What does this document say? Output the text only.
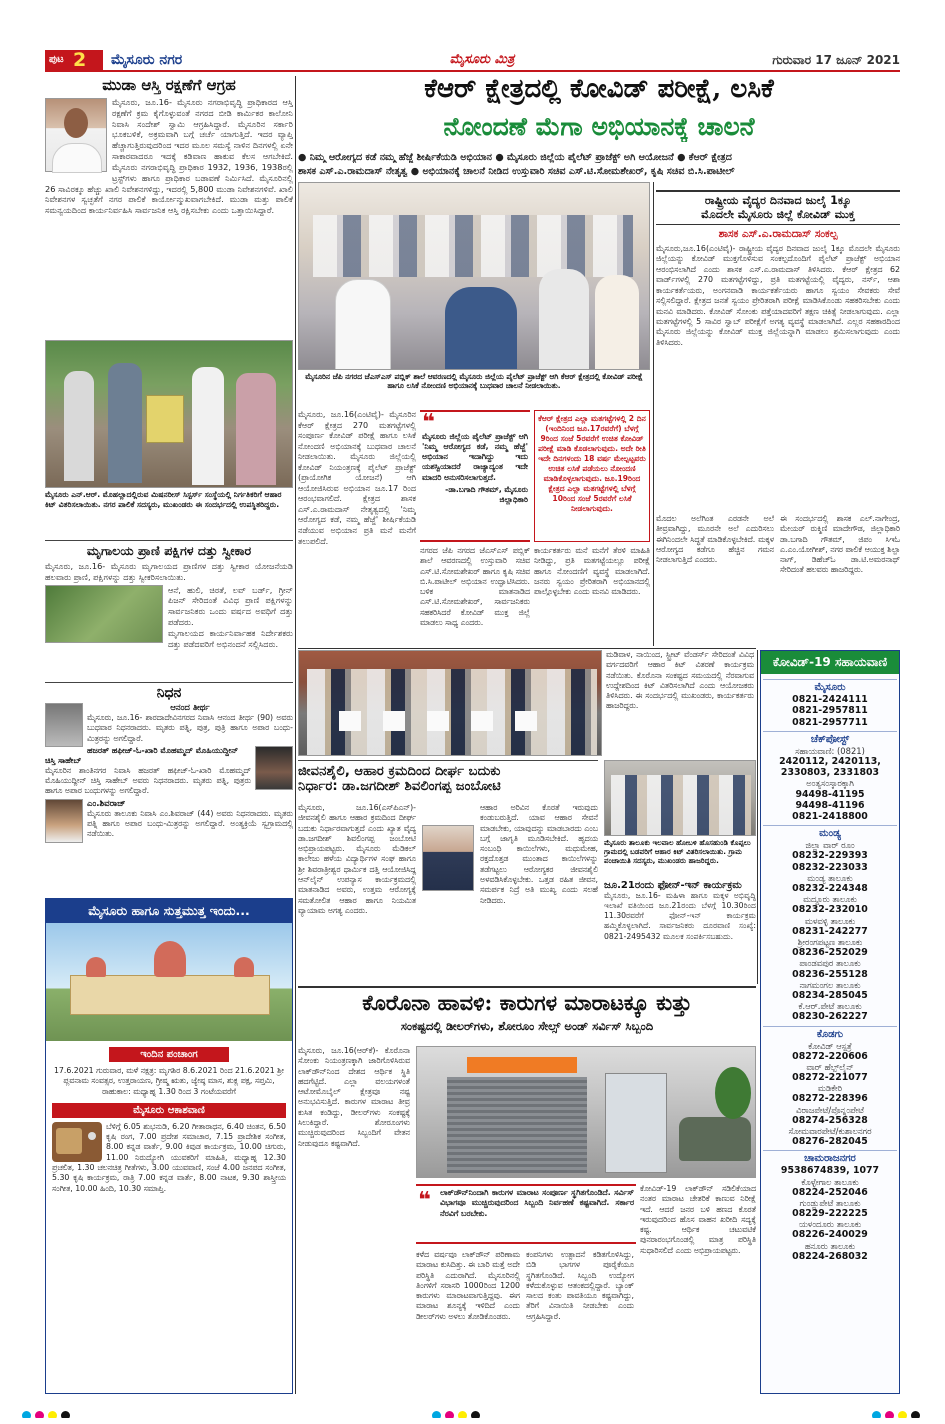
ಪುಟ 2 ಮೈಸೂರು ನಗರ	ಮೈಸೂರು ಮಿತ್ರ	ಗುರುವಾರ 17 ಜೂನ್ 2021
ಮುಡಾ ಆಸ್ತಿ ರಕ್ಷಣೆಗೆ ಆಗ್ರಹ
ಮೈಸೂರು, ಜೂ.16- ಮೈಸೂರು ನಗರಾಭಿವೃದ್ಧಿ ಪ್ರಾಧಿಕಾರದ ಆಸ್ತಿ ರಕ್ಷಣೆಗೆ ಕ್ರಮ ಕೈಗೊಳ್ಳುವಂತೆ ನಗರದ ಬೀಡಿ ಕಾರ್ಮಿಕರ ಕಾಲೋನಿ ನಿವಾಸಿ ಸಂದೇಶ್ ಸ್ವಾಮಿ ಆಗ್ರಹಿಸಿದ್ದಾರೆ. ಮೈಸೂರಿನ ಸರ್ಕಾರಿ ಭೂಕಬಳಿಕೆ, ಅಕ್ರಮವಾಗಿ ಬಗ್ಗೆ ಚರ್ಚೆ ಯಾಗುತ್ತಿದೆ. ಇದರ ವ್ಯಾಪ್ತಿ ಹೆಚ್ಚಾಗುತ್ತಿರುವುದರಿಂದ ಇದರ ಮೂಲ ಸಮಸ್ಯೆ ನಾಳಿನ ದಿನಗಳಲ್ಲಿ ಏನೇ ಸಾಕಾರವಾದರೂ ಇದಕ್ಕೆ ಕಡಿವಾಣ ಹಾಕುವ ಕೆಲಸ ಆಗಬೇಕಿದೆ. ಮೈಸೂರು ನಗರಾಭಿವೃದ್ಧಿ ಪ್ರಾಧಿಕಾರ 1932, 1936, 1938ರಲ್ಲಿ ಟ್ರಸ್ಟ್‌ಗಳು ಹಾಗೂ ಪ್ರಾಧಿಕಾರ ಬಡಾವಣೆ ನಿರ್ಮಿಸಿದೆ. ಮೈಸೂರಿನಲ್ಲಿ 26 ಸಾವಿರಕ್ಕೂ ಹೆಚ್ಚು ಖಾಲಿ ನಿವೇಶನಗಳಿದ್ದು, ಇದರಲ್ಲಿ 5,800 ಮುಡಾ ನಿವೇಶನಗಳಿವೆ. ಖಾಲಿ ನಿವೇಶನಗಳ ಸ್ವಚ್ಛತೆಗೆ ನಗರ ಪಾಲಿಕೆ ಕಾರ್ಯೋನ್ಮುಖವಾಗಬೇಕಿದೆ. ಮುಡಾ ಮತ್ತು ಪಾಲಿಕೆ ಸಮನ್ವಯದಿಂದ ಕಾರ್ಯನಿರ್ವಹಿಸಿ ಸಾರ್ವಜನಿಕ ಆಸ್ತಿ ರಕ್ಷಿಸಬೇಕು ಎಂದು ಒತ್ತಾಯಿಸಿದ್ದಾರೆ.
ಮೈಸೂರು ಎನ್.ಆರ್. ಮೊಹಲ್ಲಾದಲ್ಲಿರುವ ಮಿಷನರೀಸ್ ಸಿಸ್ಟರ್ಸ್ ಸಂಸ್ಥೆಯಲ್ಲಿ ನಿರ್ಗತಿಕರಿಗೆ ಆಹಾರ ಕಿಟ್ ವಿತರಿಸಲಾಯಿತು. ನಗರ ಪಾಲಿಕೆ ಸದಸ್ಯರು, ಮುಖಂಡರು ಈ ಸಂದರ್ಭದಲ್ಲಿ ಉಪಸ್ಥಿತರಿದ್ದರು.
ಮೃಗಾಲಯ ಪ್ರಾಣಿ ಪಕ್ಷಿಗಳ ದತ್ತು ಸ್ವೀಕಾರ
ಮೈಸೂರು, ಜೂ.16- ಮೈಸೂರು ಮೃಗಾಲಯದ ಪ್ರಾಣಿಗಳ ದತ್ತು ಸ್ವೀಕಾರ ಯೋಜನೆಯಡಿ ಹಲವಾರು ಪ್ರಾಣಿ, ಪಕ್ಷಿಗಳನ್ನು ದತ್ತು ಸ್ವೀಕರಿಸಲಾಯಿತು.
ಆನೆ, ಹುಲಿ, ಚಿರತೆ, ಲವ್ ಬರ್ಡ್, ಗ್ರೀನ್ ಪಿಜನ್ ಸೇರಿದಂತೆ ವಿವಿಧ ಪ್ರಾಣಿ ಪಕ್ಷಿಗಳನ್ನು ಸಾರ್ವಜನಿಕರು ಒಂದು ವರ್ಷದ ಅವಧಿಗೆ ದತ್ತು ಪಡೆದರು.
ಮೃಗಾಲಯದ ಕಾರ್ಯನಿರ್ವಾಹಕ ನಿರ್ದೇಶಕರು ದತ್ತು ಪಡೆದವರಿಗೆ ಅಭಿನಂದನೆ ಸಲ್ಲಿಸಿದರು.
ನಿಧನ
ಆನಂದ ತೀರ್ಥ
ಮೈಸೂರು, ಜೂ.16- ಶಾರದಾದೇವಿನಗರದ ನಿವಾಸಿ ಆನಂದ ತೀರ್ಥ (90) ಅವರು ಬುಧವಾರ ನಿಧನರಾದರು. ಮೃತರು ಪತ್ನಿ, ಪುತ್ರ, ಪುತ್ರಿ ಹಾಗೂ ಅಪಾರ ಬಂಧು-ಮಿತ್ರರನ್ನು ಅಗಲಿದ್ದಾರೆ.
ಹಜರತ್ ಹಫೀಜ್-ಓ-ಖಾರಿ ಮೊಹಮ್ಮದ್ ಮೊಹಿಯುದ್ದೀನ್ ಚಿಸ್ತಿ ಸಾಹೇಬ್
ಮೈಸೂರಿನ ಶಾಂತಿನಗರ ನಿವಾಸಿ ಹಜರತ್ ಹಫೀಜ್-ಓ-ಖಾರಿ ಮೊಹಮ್ಮದ್ ಮೊಹಿಯುದ್ದೀನ್ ಚಿಸ್ತಿ ಸಾಹೇಬ್ ಅವರು ನಿಧನರಾದರು. ಮೃತರು ಪತ್ನಿ, ಪುತ್ರರು ಹಾಗೂ ಅಪಾರ ಬಂಧುಗಳನ್ನು ಅಗಲಿದ್ದಾರೆ.
ಎಂ.ಶಿವರಾಜ್
ಮೈಸೂರು ತಾಲೂಕು ನಿವಾಸಿ ಎಂ.ಶಿವರಾಜ್ (44) ಅವರು ನಿಧನರಾದರು. ಮೃತರು ಪತ್ನಿ ಹಾಗೂ ಅಪಾರ ಬಂಧು-ಮಿತ್ರರನ್ನು ಅಗಲಿದ್ದಾರೆ. ಅಂತ್ಯಕ್ರಿಯೆ ಸ್ವಗ್ರಾಮದಲ್ಲಿ ನಡೆಯಿತು.
ಮೈಸೂರು ಹಾಗೂ ಸುತ್ತಮುತ್ತ ಇಂದು...
ಇಂದಿನ ಪಂಚಾಂಗ
17.6.2021 ಗುರುವಾರ, ಮಳೆ ನಕ್ಷತ್ರ: ಮೃಗಶಿರ 8.6.2021 ರಿಂದ 21.6.2021 ಶ್ರೀ ಪ್ಲವನಾಮ ಸಂವತ್ಸರ, ಉತ್ತರಾಯಣ, ಗ್ರೀಷ್ಮ ಋತು, ಜ್ಯೇಷ್ಠ ಮಾಸ, ಶುಕ್ಲ ಪಕ್ಷ, ಸಪ್ತಮಿ, ರಾಹುಕಾಲ: ಮಧ್ಯಾಹ್ನ 1.30 ರಿಂದ 3 ಗಂಟೆಯವರೆಗೆ
ಮೈಸೂರು ಆಕಾಶವಾಣಿ
ಬೆಳಿಗ್ಗೆ 6.05 ಶುಭನುಡಿ, 6.20 ಗೀತಾರಾಧನ, 6.40 ಚಿಂತನ, 6.50 ಕೃಷಿ ರಂಗ, 7.00 ಪ್ರದೇಶ ಸಮಾಚಾರ, 7.15 ಪ್ರಾದೇಶಿಕ ಸಂಗೀತ, 8.00 ಕನ್ನಡ ವಾರ್ತೆ, 9.00 ಕಿವುಡ ಕಾರ್ಯಕ್ರಮ, 10.00 ಚಿಗುರು, 11.00 ನಿರುದ್ಯೋಗಿ ಯುವಕರಿಗೆ ಮಾಹಿತಿ, ಮಧ್ಯಾಹ್ನ 12.30 ಪ್ರಚಲಿತ, 1.30 ಚಲನಚಿತ್ರ ಗೀತೆಗಳು, 3.00 ಯುವವಾಣಿ, ಸಂಜೆ 4.00 ಜನಪದ ಸಂಗೀತ, 5.30 ಕೃಷಿ ಕಾರ್ಯಕ್ರಮ, ರಾತ್ರಿ 7.00 ಕನ್ನಡ ವಾರ್ತೆ, 8.00 ನಾಟಕ, 9.30 ಶಾಸ್ತ್ರೀಯ ಸಂಗೀತ, 10.00 ಹಿಂದಿ, 10.30 ಸಮಾಪ್ತಿ.
ಕೆಆರ್ ಕ್ಷೇತ್ರದಲ್ಲಿ ಕೋವಿಡ್ ಪರೀಕ್ಷೆ, ಲಸಿಕೆ
ನೋಂದಣೆ ಮೆಗಾ ಅಭಿಯಾನಕ್ಕೆ ಚಾಲನೆ
● ನಿಮ್ಮ ಆರೋಗ್ಯದ ಕಡೆ ನಮ್ಮ ಹೆಜ್ಜೆ ಶೀರ್ಷಿಕೆಯಡಿ ಅಭಿಯಾನ ● ಮೈಸೂರು ಜಿಲ್ಲೆಯ ಪೈಲೆಟ್ ಪ್ರಾಜೆಕ್ಟ್ ಅಗಿ ಆಯೋಜನೆ ● ಕೆಆರ್ ಕ್ಷೇತ್ರದ
ಶಾಸಕ ಎಸ್.ಎ.ರಾಮದಾಸ್ ನೇತೃತ್ವ ● ಅಭಿಯಾನಕ್ಕೆ ಚಾಲನೆ ನೀಡಿದ ಉಸ್ತುವಾರಿ ಸಚಿವ ಎಸ್.ಟಿ.ಸೋಮಶೇಖರ್, ಕೃಷಿ ಸಚಿವ ಬಿ.ಸಿ.ಪಾಟೀಲ್
ಮೈಸೂರಿನ ಜೆಪಿ ನಗರದ ಜೆಎಸ್‌ಎಸ್ ಪಬ್ಲಿಕ್ ಶಾಲೆ ಆವರಣದಲ್ಲಿ ಮೈಸೂರು ಜಿಲ್ಲೆಯ ಪೈಲೆಟ್ ಪ್ರಾಜೆಕ್ಟ್ ಆಗಿ ಕೆಆರ್ ಕ್ಷೇತ್ರದಲ್ಲಿ ಕೋವಿಡ್ ಪರೀಕ್ಷೆ ಹಾಗೂ ಲಸಿಕೆ ನೋಂದಣಿ ಅಭಿಯಾನಕ್ಕೆ ಬುಧವಾರ ಚಾಲನೆ ನೀಡಲಾಯಿತು.
ಮೈಸೂರು, ಜೂ.16(ಎಂಟಿವೈ)- ಮೈಸೂರಿನ ಕೆಆರ್ ಕ್ಷೇತ್ರದ 270 ಮತಗಟ್ಟೆಗಳಲ್ಲಿ ಸಂಪೂರ್ಣ ಕೋವಿಡ್ ಪರೀಕ್ಷೆ ಹಾಗೂ ಲಸಿಕೆ ನೋಂದಣಿ ಅಭಿಯಾನಕ್ಕೆ ಬುಧವಾರ ಚಾಲನೆ ನೀಡಲಾಯಿತು. ಮೈಸೂರು ಜಿಲ್ಲೆಯಲ್ಲಿ ಕೋವಿಡ್ ನಿಯಂತ್ರಣಕ್ಕೆ ಪೈಲೆಟ್ ಪ್ರಾಜೆಕ್ಟ್ (ಪ್ರಾಯೋಗಿಕ ಯೋಜನೆ) ಆಗಿ ಆಯೋಜಿಸಿರುವ ಅಭಿಯಾನ ಜೂ.17 ರಿಂದ ಆರಂಭವಾಗಲಿದೆ. ಕ್ಷೇತ್ರದ ಶಾಸಕ ಎಸ್.ಎ.ರಾಮದಾಸ್ ನೇತೃತ್ವದಲ್ಲಿ 'ನಿಮ್ಮ ಆರೋಗ್ಯದ ಕಡೆ, ನಮ್ಮ ಹೆಜ್ಜೆ' ಶೀರ್ಷಿಕೆಯಡಿ ನಡೆಯುವ ಅಭಿಯಾನ ಪ್ರತಿ ಮನೆ ಮನೆಗೆ ತಲುಪಲಿದೆ.
❝
ಮೈಸೂರು ಜಿಲ್ಲೆಯ ಪೈಲೆಟ್ ಪ್ರಾಜೆಕ್ಟ್ ಆಗಿ 'ನಿಮ್ಮ ಆರೋಗ್ಯದ ಕಡೆ, ನಮ್ಮ ಹೆಜ್ಜೆ' ಅಭಿಯಾನ ಇದಾಗಿದ್ದು ಇದು ಯಶಸ್ವಿಯಾದರೆ ರಾಜ್ಯಾದ್ಯಂತ ಇದೇ ಮಾದರಿ ಅನುಸರಿಸಲಾಗುತ್ತದೆ.
-ಡಾ.ಬಗಾದಿ ಗೌತಮ್, ಮೈಸೂರು ಜಿಲ್ಲಾಧಿಕಾರಿ
ಕೆಆರ್ ಕ್ಷೇತ್ರದ ಎಲ್ಲಾ ಮತಗಟ್ಟೆಗಳಲ್ಲಿ 2 ದಿನ (ಇಂದಿನಿಂದ ಜೂ.17ರವರೆಗೆ) ಬೆಳಗ್ಗೆ 9ರಿಂದ ಸಂಜೆ 5ರವರೆಗೆ ಉಚಿತ ಕೋವಿಡ್ ಪರೀಕ್ಷೆ ಮಾಡಿ ಕೊಡಲಾಗುವುದು. ಅದೇ ರೀತಿ ಇದೇ ದಿನಗಳಂದು 18 ವರ್ಷ ಮೇಲ್ಪಟ್ಟವರು ಉಚಿತ ಲಸಿಕೆ ಪಡೆಯಲು ನೋಂದಣಿ ಮಾಡಿಕೊಳ್ಳಲಾಗುವುದು. ಜೂ.19ರಿಂದ ಕ್ಷೇತ್ರದ ಎಲ್ಲಾ ಮತಗಟ್ಟೆಗಳಲ್ಲಿ ಬೆಳಗ್ಗೆ 10ರಿಂದ ಸಂಜೆ 5ರವರೆಗೆ ಲಸಿಕೆ ನೀಡಲಾಗುವುದು.
ನಗರದ ಜೆಪಿ ನಗರದ ಜೆಎಸ್‌ಎಸ್ ಪಬ್ಲಿಕ್ ಶಾಲೆ ಆವರಣದಲ್ಲಿ ಉಸ್ತುವಾರಿ ಸಚಿವ ಎಸ್.ಟಿ.ಸೋಮಶೇಖರ್ ಹಾಗೂ ಕೃಷಿ ಸಚಿವ ಬಿ.ಸಿ.ಪಾಟೀಲ್ ಅಭಿಯಾನ ಉದ್ಘಾಟಿಸಿದರು. ಬಳಿಕ ಮಾತನಾಡಿದ ಎಸ್.ಟಿ.ಸೋಮಶೇಖರ್, ಸಾರ್ವಜನಿಕರು ಸಹಕರಿಸಿದರೆ ಕೋವಿಡ್ ಮುಕ್ತ ಜಿಲ್ಲೆ ಮಾಡಲು ಸಾಧ್ಯ ಎಂದರು.
ಕಾರ್ಯಕರ್ತರು ಮನೆ ಮನೆಗೆ ತೆರಳಿ ಮಾಹಿತಿ ನೀಡಿದ್ದು, ಪ್ರತಿ ಮತಗಟ್ಟೆಯಲ್ಲೂ ಪರೀಕ್ಷೆ ಹಾಗೂ ನೋಂದಣಿಗೆ ವ್ಯವಸ್ಥೆ ಮಾಡಲಾಗಿದೆ. ಜನರು ಸ್ವಯಂ ಪ್ರೇರಿತರಾಗಿ ಅಭಿಯಾನದಲ್ಲಿ ಪಾಲ್ಗೊಳ್ಳಬೇಕು ಎಂದು ಮನವಿ ಮಾಡಿದರು.
ರಾಷ್ಟ್ರೀಯ ವೈದ್ಯರ ದಿನವಾದ ಜುಲೈ 1ಕ್ಕೂ
ಮೊದಲೇ ಮೈಸೂರು ಜಿಲ್ಲೆ ಕೋವಿಡ್ ಮುಕ್ತ
ಶಾಸಕ ಎಸ್.ಎ.ರಾಮದಾಸ್ ಸಂಕಲ್ಪ
ಮೈಸೂರು,ಜೂ.16(ಎಂಟಿವೈ)- ರಾಷ್ಟ್ರೀಯ ವೈದ್ಯರ ದಿನವಾದ ಜುಲೈ 1ಕ್ಕೂ ಮೊದಲೇ ಮೈಸೂರು ಜಿಲ್ಲೆಯನ್ನು ಕೋವಿಡ್ ಮುಕ್ತಗೊಳಿಸುವ ಸಂಕಲ್ಪದೊಂದಿಗೆ ಪೈಲೆಟ್ ಪ್ರಾಜೆಕ್ಟ್ ಅಭಿಯಾನ ಆರಂಭಿಸಲಾಗಿದೆ ಎಂದು ಶಾಸಕ ಎಸ್.ಎ.ರಾಮದಾಸ್ ತಿಳಿಸಿದರು. ಕೆಆರ್ ಕ್ಷೇತ್ರದ 62 ವಾರ್ಡ್‌ಗಳಲ್ಲಿ 270 ಮತಗಟ್ಟೆಗಳಿದ್ದು, ಪ್ರತಿ ಮತಗಟ್ಟೆಯಲ್ಲಿ ವೈದ್ಯರು, ನರ್ಸ್, ಆಶಾ ಕಾರ್ಯಕರ್ತೆಯರು, ಅಂಗನವಾಡಿ ಕಾರ್ಯಕರ್ತೆಯರು ಹಾಗೂ ಸ್ವಯಂ ಸೇವಕರು ಸೇವೆ ಸಲ್ಲಿಸಲಿದ್ದಾರೆ. ಕ್ಷೇತ್ರದ ಜನತೆ ಸ್ವಯಂ ಪ್ರೇರಿತರಾಗಿ ಪರೀಕ್ಷೆ ಮಾಡಿಸಿಕೊಂಡು ಸಹಕರಿಸಬೇಕು ಎಂದು ಮನವಿ ಮಾಡಿದರು. ಕೋವಿಡ್ ಸೋಂಕು ಪತ್ತೆಯಾದವರಿಗೆ ತಕ್ಷಣ ಚಿಕಿತ್ಸೆ ನೀಡಲಾಗುವುದು. ಎಲ್ಲಾ ಮತಗಟ್ಟೆಗಳಲ್ಲಿ 5 ಸಾವಿರ ಸ್ವಾಬ್ ಪರೀಕ್ಷೆಗೆ ಅಗತ್ಯ ವ್ಯವಸ್ಥೆ ಮಾಡಲಾಗಿದೆ. ಎಲ್ಲರ ಸಹಕಾರದಿಂದ ಮೈಸೂರು ಜಿಲ್ಲೆಯನ್ನು ಕೋವಿಡ್ ಮುಕ್ತ ಜಿಲ್ಲೆಯನ್ನಾಗಿ ಮಾಡಲು ಶ್ರಮಿಸಲಾಗುವುದು ಎಂದು ತಿಳಿಸಿದರು.
ಮೊದಲ ಅಲೆಗಿಂತ ಎರಡನೇ ಅಲೆ ತೀವ್ರವಾಗಿದ್ದು, ಮೂರನೇ ಅಲೆ ಎದುರಿಸಲು ಈಗಿನಿಂದಲೇ ಸಿದ್ಧತೆ ಮಾಡಿಕೊಳ್ಳಬೇಕಿದೆ. ಮಕ್ಕಳ ಆರೋಗ್ಯದ ಕಡೆಗೂ ಹೆಚ್ಚಿನ ಗಮನ ನೀಡಲಾಗುತ್ತಿದೆ ಎಂದರು.
ಈ ಸಂದರ್ಭದಲ್ಲಿ ಶಾಸಕ ಎಲ್.ನಾಗೇಂದ್ರ, ಮೇಯರ್ ರುಕ್ಮಿಣಿ ಮಾದೇಗೌಡ, ಜಿಲ್ಲಾಧಿಕಾರಿ ಡಾ.ಬಗಾದಿ ಗೌತಮ್, ಜಿಪಂ ಸಿಇಓ ಎ.ಎಂ.ಯೋಗೀಶ್, ನಗರ ಪಾಲಿಕೆ ಆಯುಕ್ತ ಶಿಲ್ಪಾ ನಾಗ್, ಡಿಹೆಚ್‌ಓ ಡಾ.ಟಿ.ಅಮರನಾಥ್ ಸೇರಿದಂತೆ ಹಲವರು ಹಾಜರಿದ್ದರು.
ಮಡಿವಾಳ, ನಾಯಿಂದ, ಸ್ಟ್ರೀಟ್ ವೆಂಡರ್ಸ್ ಸೇರಿದಂತೆ ವಿವಿಧ ವರ್ಗದವರಿಗೆ ಆಹಾರ ಕಿಟ್ ವಿತರಣೆ ಕಾರ್ಯಕ್ರಮ ನಡೆಯಿತು. ಕೊರೊನಾ ಸಂಕಷ್ಟದ ಸಮಯದಲ್ಲಿ ನೆರವಾಗುವ ಉದ್ದೇಶದಿಂದ ಕಿಟ್ ವಿತರಿಸಲಾಗಿದೆ ಎಂದು ಆಯೋಜಕರು ತಿಳಿಸಿದರು. ಈ ಸಂದರ್ಭದಲ್ಲಿ ಮುಖಂಡರು, ಕಾರ್ಯಕರ್ತರು ಹಾಜರಿದ್ದರು.
ಕೋವಿಡ್-19 ಸಹಾಯವಾಣಿ
ಮೈಸೂರು
0821-2424111
0821-2957811
0821-2957711
ಚೆಕ್‌ಪೋಸ್ಟ್
ಸಹಾಯವಾಣಿ: (0821)
2420112, 2420113,
2330803, 2331803
ಅಂತ್ಯಸಂಸ್ಕಾರಕ್ಕಾಗಿ
94498-41195
94498-41196
0821-2418800
ಮಂಡ್ಯ
ಜಿಲ್ಲಾ ವಾರ್ ರೂಂ
08232-229393
08232-223033
ಮಂಡ್ಯ ತಾಲೂಕು
08232-224348
ಮದ್ದೂರು ತಾಲೂಕು
08232-232010
ಮಳವಳ್ಳಿ ತಾಲೂಕು
08231-242277
ಶ್ರೀರಂಗಪಟ್ಟಣ ತಾಲೂಕು
08236-252029
ಪಾಂಡವಪುರ ತಾಲೂಕು
08236-255128
ನಾಗಮಂಗಲ ತಾಲೂಕು
08234-285045
ಕೆ.ಆರ್.ಪೇಟೆ ತಾಲೂಕು
08230-262227
ಕೊಡಗು
ಕೋವಿಡ್ ಆಸ್ಪತ್ರೆ
08272-220606
ವಾರ್ ಹೆಲ್ಪ್‌ಲೈನ್
08272-221077
ಮಡಿಕೇರಿ
08272-228396
ವಿರಾಜಪೇಟೆ/ಪೊನ್ನಂಪೇಟೆ
08274-256328
ಸೋಮವಾರಪೇಟೆ/ಕುಶಾಲನಗರ
08276-282045
ಚಾಮರಾಜನಗರ
9538674839, 1077
ಕೊಳ್ಳೇಗಾಲ ತಾಲೂಕು
08224-252046
ಗುಂಡ್ಲುಪೇಟೆ ತಾಲೂಕು
08229-222225
ಯಳಂದೂರು ತಾಲೂಕು
08226-240029
ಹನೂರು ತಾಲೂಕು
08224-268032
ಜೀವನಶೈಲಿ, ಆಹಾರ ಕ್ರಮದಿಂದ ದೀರ್ಘ ಬದುಕು
ನಿರ್ಧಾರ: ಡಾ.ಜಗದೀಶ್ ಶಿವಲಿಂಗಪ್ಪ ಜಂಬೋಟಿ
ಮೈಸೂರು, ಜೂ.16(ಎಸ್‌ಪಿಎನ್)- ಜೀವನಶೈಲಿ ಹಾಗೂ ಆಹಾರ ಕ್ರಮದಿಂದ ದೀರ್ಘ ಬದುಕು ನಿರ್ಧಾರವಾಗುತ್ತದೆ ಎಂದು ಖ್ಯಾತ ವೈದ್ಯ ಡಾ.ಜಗದೀಶ್ ಶಿವಲಿಂಗಪ್ಪ ಜಂಬೋಟಿ ಅಭಿಪ್ರಾಯಪಟ್ಟರು. ಮೈಸೂರು ಮೆಡಿಕಲ್ ಕಾಲೇಜು ಹಳೆಯ ವಿದ್ಯಾರ್ಥಿಗಳ ಸಂಘ ಹಾಗೂ ಶ್ರೀ ಶಿವರಾತ್ರೀಶ್ವರ ಧಾರ್ಮಿಕ ದತ್ತಿ ಆಯೋಜಿಸಿದ್ದ ಆನ್‌ಲೈನ್ ಉಪನ್ಯಾಸ ಕಾರ್ಯಕ್ರಮದಲ್ಲಿ ಮಾತನಾಡಿದ ಅವರು, ಉತ್ತಮ ಆರೋಗ್ಯಕ್ಕೆ ಸಮತೋಲಿತ ಆಹಾರ ಹಾಗೂ ನಿಯಮಿತ ವ್ಯಾಯಾಮ ಅಗತ್ಯ ಎಂದರು.
ಆಹಾರ ಅರಿವಿನ ಕೊರತೆ ಇರುವುದು ಕಂಡುಬರುತ್ತಿದೆ. ಯಾವ ಆಹಾರ ಸೇವನೆ ಮಾಡಬೇಕು, ಯಾವುದನ್ನು ಮಾಡಬಾರದು ಎಂಬ ಬಗ್ಗೆ ಜಾಗೃತಿ ಮೂಡಿಸಬೇಕಿದೆ. ಹೃದಯ ಸಂಬಂಧಿ ಕಾಯಿಲೆಗಳು, ಮಧುಮೇಹ, ರಕ್ತದೊತ್ತಡ ಮುಂತಾದ ಕಾಯಿಲೆಗಳನ್ನು ತಡೆಗಟ್ಟಲು ಆರೋಗ್ಯಕರ ಜೀವನಶೈಲಿ ಅಳವಡಿಸಿಕೊಳ್ಳಬೇಕು. ಒತ್ತಡ ರಹಿತ ಜೀವನ, ಸಮರ್ಪಕ ನಿದ್ರೆ ಅತಿ ಮುಖ್ಯ ಎಂದು ಸಲಹೆ ನೀಡಿದರು.
ಮೈಸೂರು ತಾಲೂಕು ಇಲವಾಲ ಹೋಬಳಿ ಹೊಸಹುಂಡಿ ಕೊಪ್ಪಲು ಗ್ರಾಮದಲ್ಲಿ ಬಡವರಿಗೆ ಆಹಾರ ಕಿಟ್ ವಿತರಿಸಲಾಯಿತು. ಗ್ರಾಮ ಪಂಚಾಯಿತಿ ಸದಸ್ಯರು, ಮುಖಂಡರು ಹಾಜರಿದ್ದರು.
ಜೂ.21ರಂದು ಫೋನ್-ಇನ್ ಕಾರ್ಯಕ್ರಮ
ಮೈಸೂರು, ಜೂ.16- ಮಹಿಳಾ ಹಾಗೂ ಮಕ್ಕಳ ಅಭಿವೃದ್ಧಿ ಇಲಾಖೆ ವತಿಯಿಂದ ಜೂ.21ರಂದು ಬೆಳಗ್ಗೆ 10.30ರಿಂದ 11.30ರವರೆಗೆ ಫೋನ್-ಇನ್ ಕಾರ್ಯಕ್ರಮ ಹಮ್ಮಿಕೊಳ್ಳಲಾಗಿದೆ. ಸಾರ್ವಜನಿಕರು ದೂರವಾಣಿ ಸಂಖ್ಯೆ: 0821-2495432 ಮೂಲಕ ಸಂಪರ್ಕಿಸಬಹುದು.
ಕೊರೊನಾ ಹಾವಳಿ: ಕಾರುಗಳ ಮಾರಾಟಕ್ಕೂ ಕುತ್ತು
ಸಂಕಷ್ಟದಲ್ಲಿ ಡೀಲರ್‌ಗಳು, ಶೋರೂಂ ಸೇಲ್ಸ್ ಅಂಡ್ ಸರ್ವಿಸ್ ಸಿಬ್ಬಂದಿ
ಮೈಸೂರು, ಜೂ.16(ಆರ್‌ಕೆ)- ಕೊರೊನಾ ಸೋಂಕು ನಿಯಂತ್ರಣಕ್ಕಾಗಿ ಜಾರಿಗೊಳಿಸಿರುವ ಲಾಕ್‌ಡೌನ್‌ನಿಂದ ದೇಶದ ಆರ್ಥಿಕ ಸ್ಥಿತಿ ಹದಗೆಟ್ಟಿದೆ. ಎಲ್ಲಾ ವಲಯಗಳಂತೆ ಆಟೋಮೊಬೈಲ್ ಕ್ಷೇತ್ರವೂ ನಷ್ಟ ಅನುಭವಿಸುತ್ತಿದೆ. ಕಾರುಗಳ ಮಾರಾಟ ತೀವ್ರ ಕುಸಿತ ಕಂಡಿದ್ದು, ಡೀಲರ್‌ಗಳು ಸಂಕಷ್ಟಕ್ಕೆ ಸಿಲುಕಿದ್ದಾರೆ. ಶೋರೂಂಗಳು ಮುಚ್ಚಿರುವುದರಿಂದ ಸಿಬ್ಬಂದಿಗೆ ವೇತನ ನೀಡುವುದೂ ಕಷ್ಟವಾಗಿದೆ.
❝ ಲಾಕ್‌ಡೌನ್‌ನಿಂದಾಗಿ ಕಾರುಗಳ ಮಾರಾಟ ಸಂಪೂರ್ಣ ಸ್ಥಗಿತಗೊಂಡಿದೆ. ಸರ್ವಿಸ್ ವಿಭಾಗವೂ ಮುಚ್ಚಿರುವುದರಿಂದ ಸಿಬ್ಬಂದಿ ನಿರ್ವಹಣೆ ಕಷ್ಟವಾಗಿದೆ. ಸರ್ಕಾರ ನೆರವಿಗೆ ಬರಬೇಕು.
ಕಳೆದ ವರ್ಷವೂ ಲಾಕ್‌ಡೌನ್ ಪರಿಣಾಮ ಮಾರಾಟ ಕುಸಿದಿತ್ತು. ಈ ಬಾರಿ ಮತ್ತೆ ಅದೇ ಪರಿಸ್ಥಿತಿ ಎದುರಾಗಿದೆ. ಮೈಸೂರಿನಲ್ಲಿ ತಿಂಗಳಿಗೆ ಸರಾಸರಿ 1000ರಿಂದ 1200 ಕಾರುಗಳು ಮಾರಾಟವಾಗುತ್ತಿದ್ದವು. ಈಗ ಮಾರಾಟ ಶೂನ್ಯಕ್ಕೆ ಇಳಿದಿದೆ ಎಂದು ಡೀಲರ್‌ಗಳು ಅಳಲು ತೋಡಿಕೊಂಡರು.
ಕಂಪನಿಗಳು ಉತ್ಪಾದನೆ ಕಡಿತಗೊಳಿಸಿದ್ದು, ಬಿಡಿ ಭಾಗಗಳ ಪೂರೈಕೆಯೂ ಸ್ಥಗಿತಗೊಂಡಿದೆ. ಸಿಬ್ಬಂದಿ ಉದ್ಯೋಗ ಕಳೆದುಕೊಳ್ಳುವ ಆತಂಕದಲ್ಲಿದ್ದಾರೆ. ಬ್ಯಾಂಕ್ ಸಾಲದ ಕಂತು ಪಾವತಿಯೂ ಕಷ್ಟವಾಗಿದ್ದು, ತೆರಿಗೆ ವಿನಾಯಿತಿ ನೀಡಬೇಕು ಎಂದು ಆಗ್ರಹಿಸಿದ್ದಾರೆ.
ಕೋವಿಡ್-19 ಲಾಕ್‌ಡೌನ್ ಸಡಿಲಿಕೆಯಾದ ನಂತರ ಮಾರಾಟ ಚೇತರಿಕೆ ಕಾಣುವ ನಿರೀಕ್ಷೆ ಇದೆ. ಆದರೆ ಜನರ ಬಳಿ ಹಣದ ಕೊರತೆ ಇರುವುದರಿಂದ ಹೊಸ ವಾಹನ ಖರೀದಿ ಸದ್ಯಕ್ಕೆ ಕಷ್ಟ. ಆರ್ಥಿಕ ಚಟುವಟಿಕೆ ಪುನರಾರಂಭಗೊಂಡಲ್ಲಿ ಮಾತ್ರ ಪರಿಸ್ಥಿತಿ ಸುಧಾರಿಸಲಿದೆ ಎಂದು ಅಭಿಪ್ರಾಯಪಟ್ಟರು.
